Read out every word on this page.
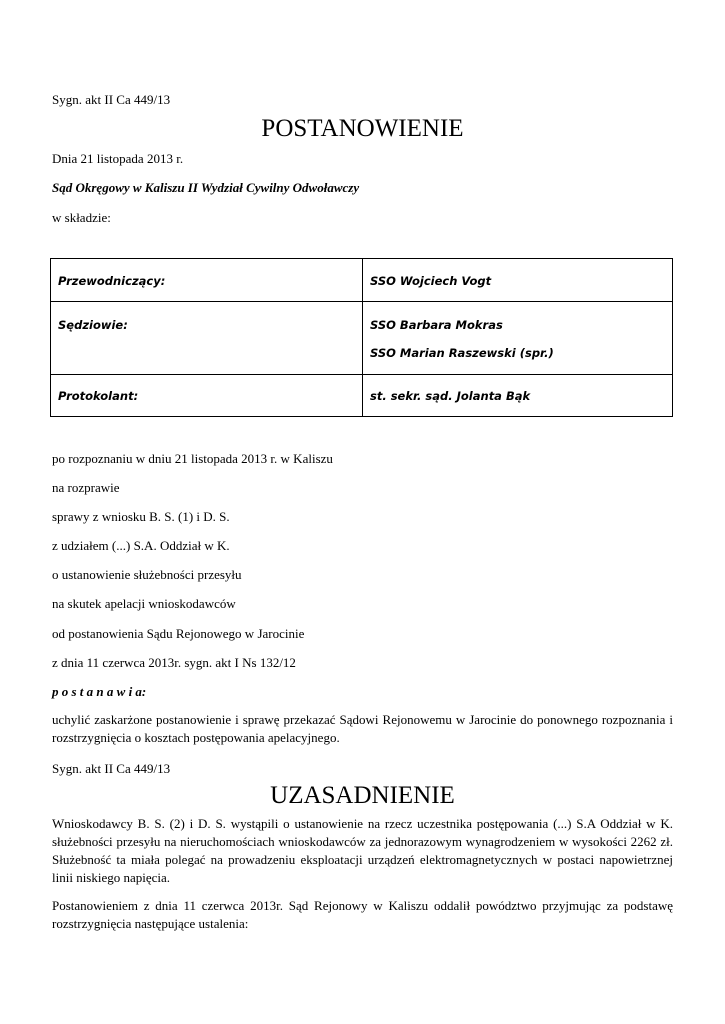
Sygn. akt II Ca 449/13
POSTANOWIENIE
Dnia 21 listopada 2013 r.
Sąd Okręgowy w Kaliszu II Wydział Cywilny Odwoławczy
w składzie:
Przewodniczący:	SSO Wojciech Vogt

Sędziowie:	SSO Barbara Mokras
SSO Marian Raszewski (spr.)

Protokolant:	st. sekr. sąd. Jolanta Bąk
po rozpoznaniu w dniu 21 listopada 2013 r. w Kaliszu
na rozprawie
sprawy z wniosku B. S. (1) i D. S.
z udziałem (...) S.A. Oddział w K.
o ustanowienie służebności przesyłu
na skutek apelacji wnioskodawców
od postanowienia Sądu Rejonowego w Jarocinie
z dnia 11 czerwca 2013r. sygn. akt I Ns 132/12
p o s t a n a w i a:
uchylić zaskarżone postanowienie i sprawę przekazać Sądowi Rejonowemu w Jarocinie do ponownego rozpoznania i rozstrzygnięcia o kosztach postępowania apelacyjnego.
Sygn. akt II Ca 449/13
UZASADNIENIE
Wnioskodawcy B. S. (2) i D. S. wystąpili o ustanowienie na rzecz uczestnika postępowania (...) S.A Oddział w K. służebności przesyłu na nieruchomościach wnioskodawców za jednorazowym wynagrodzeniem w wysokości 2262 zł. Służebność ta miała polegać na prowadzeniu eksploatacji urządzeń elektromagnetycznych w postaci napowietrznej linii niskiego napięcia.
Postanowieniem z dnia 11 czerwca 2013r. Sąd Rejonowy w Kaliszu oddalił powództwo przyjmując za podstawę rozstrzygnięcia następujące ustalenia:
